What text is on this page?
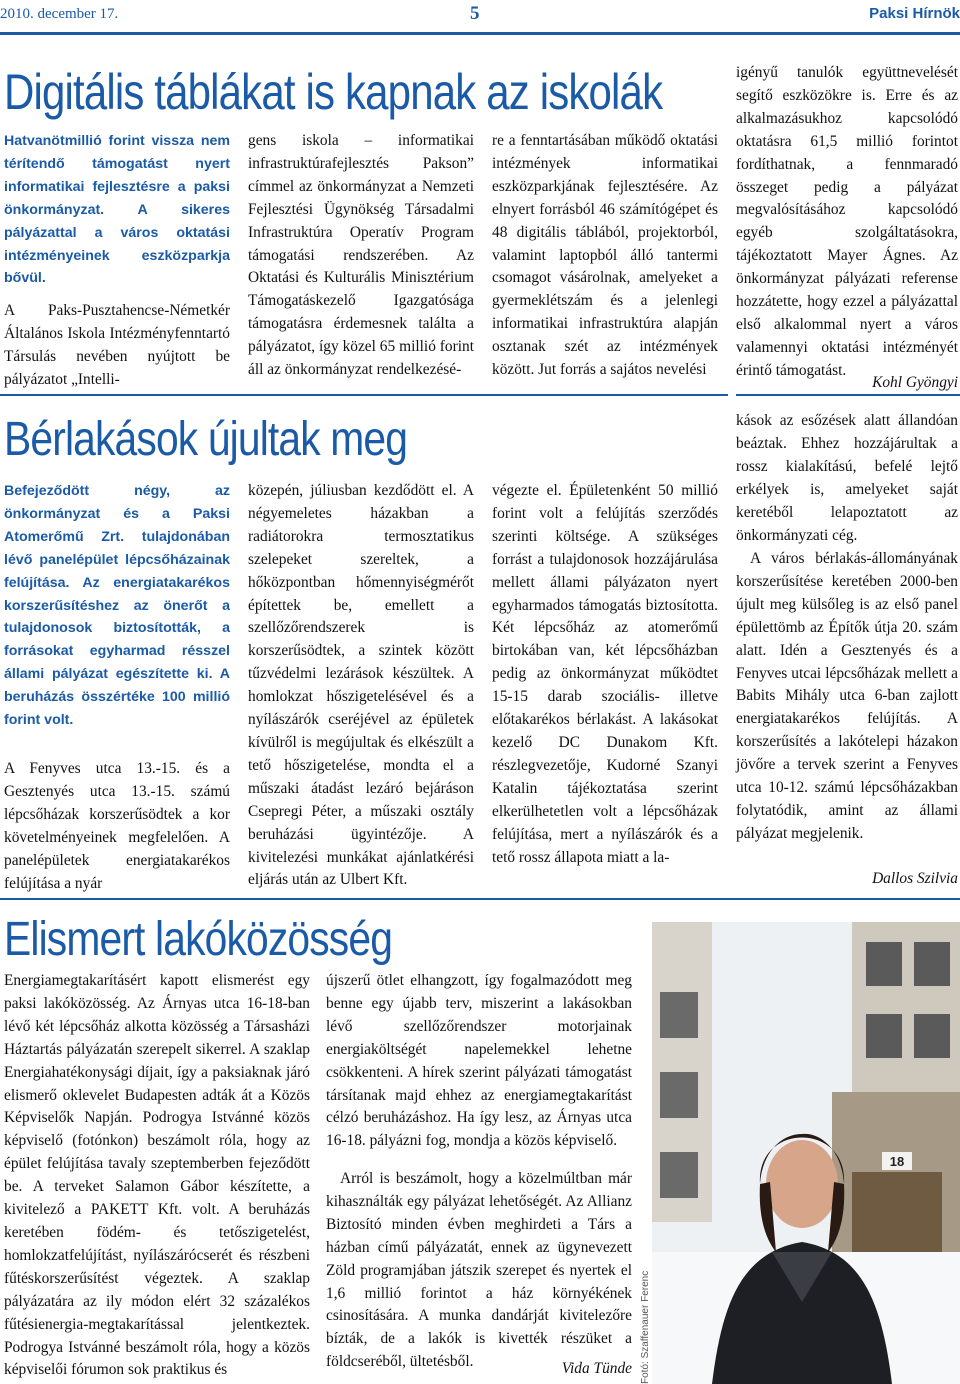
2010. december 17.	5	Paksi Hírnök
Digitális táblákat is kapnak az iskolák
Hatvanötmillió forint vissza nem térítendő támogatást nyert informatikai fejlesztésre a paksi önkormányzat. A sikeres pályázattal a város oktatási intézményeinek eszközparkja bővül.
A Paks-Pusztahencse-Németkér Általános Iskola Intézményfenntartó Társulás nevében nyújtott be pályázatot „Intelli-
gens iskola – informatikai infrastruktúrafejlesztés Pakson” címmel az önkormányzat a Nemzeti Fejlesztési Ügynökség Társadalmi Infrastruktúra Operatív Program támogatási rendszerében. Az Oktatási és Kulturális Minisztérium Támogatáskezelő Igazgatósága támogatásra érdemesnek találta a pályázatot, így közel 65 millió forint áll az önkormányzat rendelkezésé-
re a fenntartásában működő oktatási intézmények informatikai eszközparkjának fejlesztésére. Az elnyert forrásból 46 számítógépet és 48 digitális táblából, projektorból, valamint laptopból álló tantermi csomagot vásárolnak, amelyeket a gyermeklétszám és a jelenlegi informatikai infrastruktúra alapján osztanak szét az intézmények között. Jut forrás a sajátos nevelési
igényű tanulók együttnevelését segítő eszközökre is. Erre és az alkalmazásukhoz kapcsolódó oktatásra 61,5 millió forintot fordíthatnak, a fennmaradó összeget pedig a pályázat megvalósításához kapcsolódó egyéb szolgáltatásokra, tájékoztatott Mayer Ágnes. Az önkormányzat pályázati referense hozzátette, hogy ezzel a pályázattal első alkalommal nyert a város valamennyi oktatási intézményét érintő támogatást.
Kohl Gyöngyi
Bérlakások újultak meg
Befejeződött négy, az önkormányzat és a Paksi Atomerőmű Zrt. tulajdonában lévő panelépület lépcsőházainak felújítása. Az energiatakarékos korszerűsítéshez az önerőt a tulajdonosok biztosították, a forrásokat egyharmad résszel állami pályázat egészítette ki. A beruházás összértéke 100 millió forint volt.
A Fenyves utca 13.-15. és a Gesztenyés utca 13.-15. számú lépcsőházak korszerűsödtek a kor követelményeinek megfelelően. A panelépületek energiatakarékos felújítása a nyár
közepén, júliusban kezdődött el. A négyemeletes házakban a radiátorokra termosztatikus szelepeket szereltek, a hőközpontban hőmennyiségmérőt építettek be, emellett a szellőzőrendszerek is korszerűsödtek, a szintek között tűzvédelmi lezárások készültek. A homlokzat hőszigetelésével és a nyílászárók cseréjével az épületek kívülről is megújultak és elkészült a tető hőszigetelése, mondta el a műszaki átadást lezáró bejáráson Csepregi Péter, a műszaki osztály beruházási ügyintézője. A kivitelezési munkákat ajánlatkérési eljárás után az Ulbert Kft.
végezte el. Épületenként 50 millió forint volt a felújítás szerződés szerinti költsége. A szükséges forrást a tulajdonosok hozzájárulása mellett állami pályázaton nyert egyharmados támogatás biztosította. Két lépcsőház az atomerőmű birtokában van, két lépcsőházban pedig az önkormányzat működtet 15-15 darab szociális- illetve előtakarékos bérlakást. A lakásokat kezelő DC Dunakom Kft. részlegvezetője, Kudorné Szanyi Katalin tájékoztatása szerint elkerülhetetlen volt a lépcsőházak felújítása, mert a nyílászárók és a tető rossz állapota miatt a la-
kások az esőzések alatt állandóan beáztak. Ehhez hozzájárultak a rossz kialakítású, befelé lejtő erkélyek is, amelyeket saját keretéből lelapoztatott az önkormányzati cég.
A város bérlakás-állományának korszerűsítése keretében 2000-ben újult meg külsőleg is az első panel épülettömb az Építők útja 20. szám alatt. Idén a Gesztenyés és a Fenyves utcai lépcsőházak mellett a Babits Mihály utca 6-ban zajlott energiatakarékos felújítás. A korszerűsítés a lakótelepi házakon jövőre a tervek szerint a Fenyves utca 10-12. számú lépcsőházakban folytatódik, amint az állami pályázat megjelenik.
Dallos Szilvia
Elismert lakóközösség
Energiamegtakarításért kapott elismerést egy paksi lakóközösség. Az Árnyas utca 16-18-ban lévő két lépcsőház alkotta közösség a Társasházi Háztartás pályázatán szerepelt sikerrel. A szaklap Energiahatékonysági díjait, így a paksiaknak járó elismerő oklevelet Budapesten adták át a Közös Képviselők Napján. Podrogya Istvánné közös képviselő (fotónkon) beszámolt róla, hogy az épület felújítása tavaly szeptemberben fejeződött be. A terveket Salamon Gábor készítette, a kivitelező a PAKETT Kft. volt. A beruházás keretében födém- és tetőszigetelést, homlokzatfelújítást, nyílászárócserét és részbeni fűtéskorszerűsítést végeztek. A szaklap pályázatára az ily módon elért 32 százalékos fűtésienergia-megtakarítással jelentkeztek. Podrogya Istvánné beszámolt róla, hogy a közös képviselői fórumon sok praktikus és
újszerű ötlet elhangzott, így fogalmazódott meg benne egy újabb terv, miszerint a lakásokban lévő szellőzőrendszer motorjainak energiaköltségét napelemekkel lehetne csökkenteni. A hírek szerint pályázati támogatást társítanak majd ehhez az energiamegtakarítást célzó beruházáshoz. Ha így lesz, az Árnyas utca 16-18. pályázni fog, mondja a közös képviselő.
Arról is beszámolt, hogy a közelmúltban már kihasználták egy pályázat lehetőségét. Az Allianz Biztosító minden évben meghirdeti a Társ a házban című pályázatát, ennek az ügynevezett Zöld programjában játszik szerepet és nyertek el 1,6 millió forintot a ház környékének csinosítására. A munka dandárját kivitelezőre bízták, de a lakók is kivették részüket a földcseréből, ültetésből.	Vida Tünde
18
Fotó: Szaffenauer Ferenc
